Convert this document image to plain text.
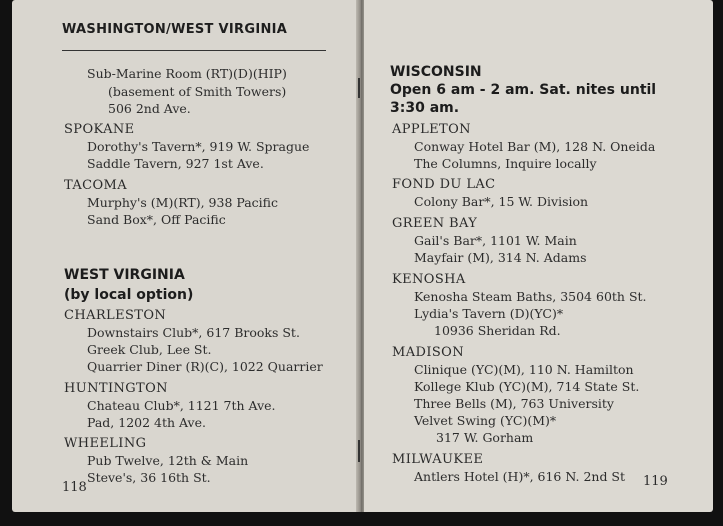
WASHINGTON/WEST VIRGINIA
Sub-Marine Room (RT)(D)(HIP)
(basement of Smith Towers)
506 2nd Ave.
SPOKANE
Dorothy's Tavern*, 919 W. Sprague
Saddle Tavern, 927 1st Ave.
TACOMA
Murphy's (M)(RT), 938 Pacific
Sand Box*, Off Pacific
WEST VIRGINIA
(by local option)
CHARLESTON
Downstairs Club*, 617 Brooks St.
Greek Club, Lee St.
Quarrier Diner (R)(C), 1022 Quarrier
HUNTINGTON
Chateau Club*, 1121 7th Ave.
Pad, 1202 4th Ave.
WHEELING
Pub Twelve, 12th & Main
Steve's, 36 16th St.
118
WISCONSIN
Open 6 am - 2 am. Sat. nites until
3:30 am.
APPLETON
Conway Hotel Bar (M), 128 N. Oneida
The Columns, Inquire locally
FOND DU LAC
Colony Bar*, 15 W. Division
GREEN BAY
Gail's Bar*, 1101 W. Main
Mayfair (M), 314 N. Adams
KENOSHA
Kenosha Steam Baths, 3504 60th St.
Lydia's Tavern (D)(YC)*
10936 Sheridan Rd.
MADISON
Clinique (YC)(M), 110 N. Hamilton
Kollege Klub (YC)(M), 714 State St.
Three Bells (M), 763 University
Velvet Swing (YC)(M)*
317 W. Gorham
MILWAUKEE
Antlers Hotel (H)*, 616 N. 2nd St 119
